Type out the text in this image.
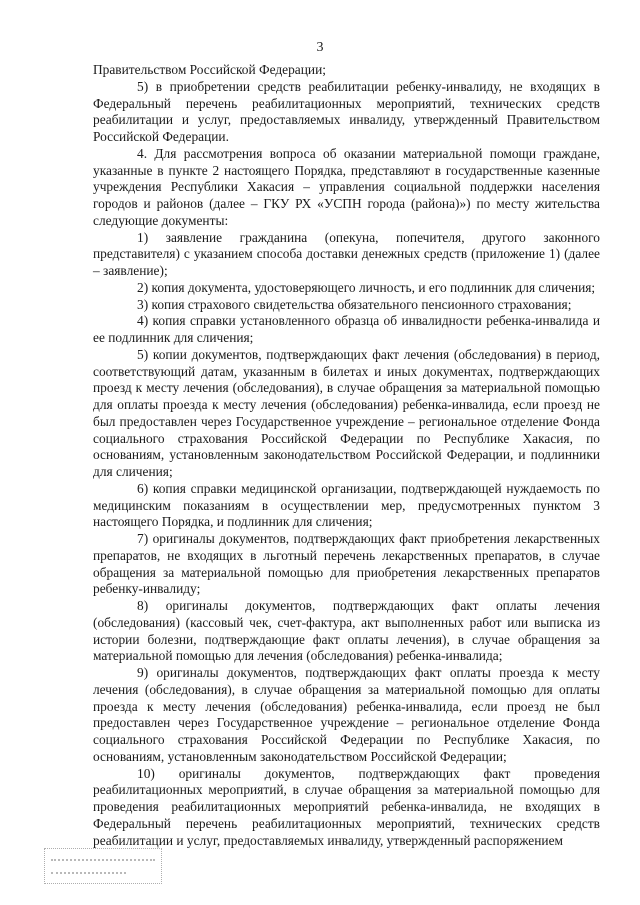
3

Правительством Российской Федерации;

5) в приобретении средств реабилитации ребенку-инвалиду, не входящих в Федеральный перечень реабилитационных мероприятий, технических средств реабилитации и услуг, предоставляемых инвалиду, утвержденный Правительством Российской Федерации.

4. Для рассмотрения вопроса об оказании материальной помощи граждане, указанные в пункте 2 настоящего Порядка, представляют в государственные казенные учреждения Республики Хакасия – управления социальной поддержки населения городов и районов (далее – ГКУ РХ «УСПН города (района)») по месту жительства следующие документы:

1) заявление гражданина (опекуна, попечителя, другого законного представителя) с указанием способа доставки денежных средств (приложение 1) (далее – заявление);

2) копия документа, удостоверяющего личность, и его подлинник для сличения;

3) копия страхового свидетельства обязательного пенсионного страхования;

4) копия справки установленного образца об инвалидности ребенка-инвалида и ее подлинник для сличения;

5) копии документов, подтверждающих факт лечения (обследования) в период, соответствующий датам, указанным в билетах и иных документах, подтверждающих проезд к месту лечения (обследования), в случае обращения за материальной помощью для оплаты проезда к месту лечения (обследования) ребенка-инвалида, если проезд не был предоставлен через Государственное учреждение – региональное отделение Фонда социального страхования Российской Федерации по Республике Хакасия, по основаниям, установленным законодательством Российской Федерации, и подлинники для сличения;

6) копия справки медицинской организации, подтверждающей нуждаемость по медицинским показаниям в осуществлении мер, предусмотренных пунктом 3 настоящего Порядка, и подлинник для сличения;

7) оригиналы документов, подтверждающих факт приобретения лекарственных препаратов, не входящих в льготный перечень лекарственных препаратов, в случае обращения за материальной помощью для приобретения лекарственных препаратов ребенку-инвалиду;

8) оригиналы документов, подтверждающих факт оплаты лечения (обследования) (кассовый чек, счет-фактура, акт выполненных работ или выписка из истории болезни, подтверждающие факт оплаты лечения), в случае обращения за материальной помощью для лечения (обследования) ребенка-инвалида;

9) оригиналы документов, подтверждающих факт оплаты проезда к месту лечения (обследования), в случае обращения за материальной помощью для оплаты проезда к месту лечения (обследования) ребенка-инвалида, если проезд не был предоставлен через Государственное учреждение – региональное отделение Фонда социального страхования Российской Федерации по Республике Хакасия, по основаниям, установленным законодательством Российской Федерации;

10) оригиналы документов, подтверждающих факт проведения реабилитационных мероприятий, в случае обращения за материальной помощью для проведения реабилитационных мероприятий ребенка-инвалида, не входящих в Федеральный перечень реабилитационных мероприятий, технических средств реабилитации и услуг, предоставляемых инвалиду, утвержденный распоряжением
